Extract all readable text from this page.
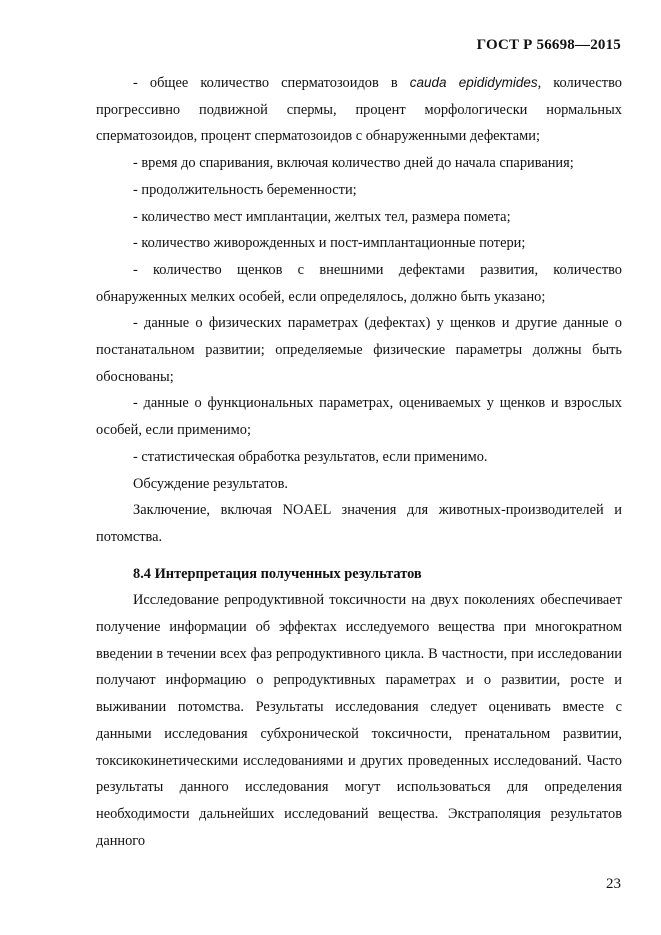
ГОСТ Р 56698—2015

- общее количество сперматозоидов в cauda epididymides, количество прогрессивно подвижной спермы, процент морфологически нормальных сперматозоидов, процент сперматозоидов с обнаруженными дефектами;

- время до спаривания, включая количество дней до начала спаривания;

- продолжительность беременности;

- количество мест имплантации, желтых тел, размера помета;

- количество живорожденных и пост-имплантационные потери;

- количество щенков с внешними дефектами развития, количество обнаруженных мелких особей, если определялось, должно быть указано;

- данные о физических параметрах (дефектах) у щенков и другие данные о постанатальном развитии; определяемые физические параметры должны быть обоснованы;

- данные о функциональных параметрах, оцениваемых у щенков и взрослых особей, если применимо;

- статистическая обработка результатов, если применимо.

Обсуждение результатов.

Заключение, включая NOAEL значения для животных-производителей и потомства.

8.4 Интерпретация полученных результатов

Исследование репродуктивной токсичности на двух поколениях обеспечивает получение информации об эффектах исследуемого вещества при многократном введении в течении всех фаз репродуктивного цикла. В частности, при исследовании получают информацию о репродуктивных параметрах и о развитии, росте и выживании потомства. Результаты исследования следует оценивать вместе с данными исследования субхронической токсичности, пренатальном развитии, токсикокинетическими исследованиями и других проведенных исследований. Часто результаты данного исследования могут использоваться для определения необходимости дальнейших исследований вещества. Экстраполяция результатов данного

23
